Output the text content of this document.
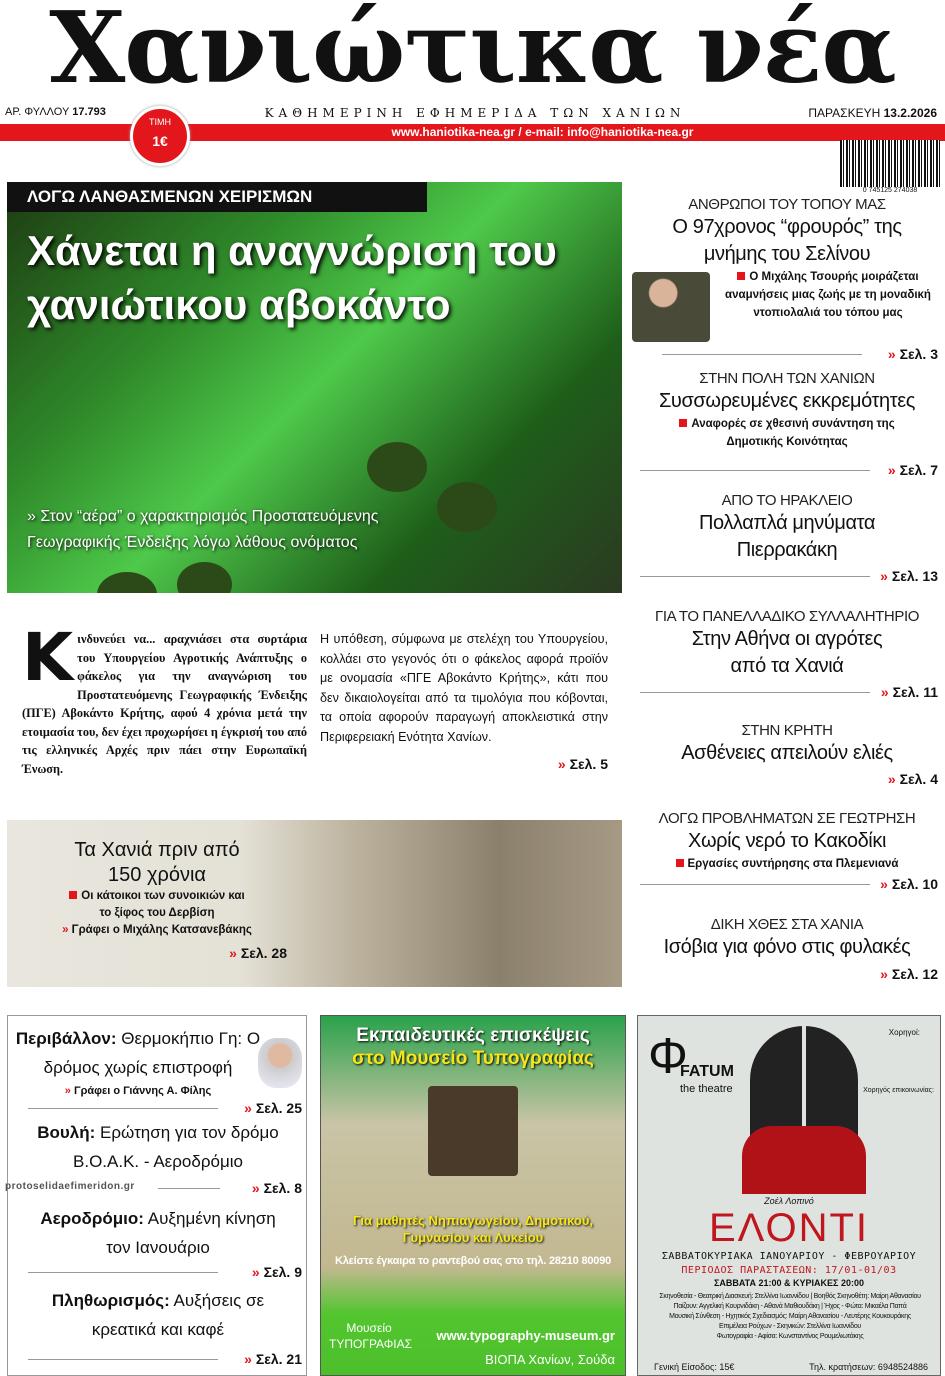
Χανιώτικα νέα
ΑΡ. ΦΥΛΛΟΥ 17.793	ΚΑΘΗΜΕΡΙΝΗ ΕΦΗΜΕΡΙΔΑ ΤΩΝ ΧΑΝΙΩΝ	ΠΑΡΑΣΚΕΥΗ 13.2.2026
www.haniotika-nea.gr / e-mail: info@haniotika-nea.gr
ΤΙΜΗ
1€
0 745125 274038
ΛΟΓΩ ΛΑΝΘΑΣΜΕΝΩΝ ΧΕΙΡΙΣΜΩΝ
Χάνεται η αναγνώριση του χανιώτικου αβοκάντο
» Στον “αέρα” ο χαρακτηρισμός Προστατευόμενης Γεωγραφικής Ένδειξης λόγω λάθους ονόματος
Κινδυνεύει να... αραχνιάσει στα συρτάρια του Υπουργείου Αγροτικής Ανάπτυξης ο φάκελος για την αναγνώριση του Προστατευόμενης Γεωγραφικής Ένδειξης (ΠΓΕ) Αβοκάντο Κρήτης, αφού 4 χρόνια μετά την ετοιμασία του, δεν έχει προχωρήσει η έγκρισή του από τις ελληνικές Αρχές πριν πάει στην Ευρωπαϊκή Ένωση.
Η υπόθεση, σύμφωνα με στελέχη του Υπουργείου, κολλάει στο γεγονός ότι ο φάκελος αφορά προϊόν με ονομασία «ΠΓΕ Αβοκάντο Κρήτης», κάτι που δεν δικαιολογείται από τα τιμολόγια που κόβονται, τα οποία αφορούν παραγωγή αποκλειστικά στην Περιφερειακή Ενότητα Χανίων.
» Σελ. 5
Τα Χανιά πριν από 150 χρόνια
Οι κάτοικοι των συνοικιών και το ξίφος του Δερβίση
» Γράφει ο Μιχάλης Κατσανεβάκης
» Σελ. 28
ΑΝΘΡΩΠΟΙ ΤΟΥ ΤΟΠΟΥ ΜΑΣ
Ο 97χρονος “φρουρός” της μνήμης του Σελίνου
Ο Μιχάλης Τσουρής μοιράζεται αναμνήσεις μιας ζωής με τη μοναδική ντοπιολαλιά του τόπου μας
» Σελ. 3
ΣΤΗΝ ΠΟΛΗ ΤΩΝ ΧΑΝΙΩΝ
Συσσωρευμένες εκκρεμότητες
Αναφορές σε χθεσινή συνάντηση της Δημοτικής Κοινότητας
» Σελ. 7
ΑΠΟ ΤΟ ΗΡΑΚΛΕΙΟ
Πολλαπλά μηνύματα Πιερρακάκη
» Σελ. 13
ΓΙΑ ΤΟ ΠΑΝΕΛΛΑΔΙΚΟ ΣΥΛΛΑΛΗΤΗΡΙΟ
Στην Αθήνα οι αγρότες από τα Χανιά
» Σελ. 11
ΣΤΗΝ ΚΡΗΤΗ
Ασθένειες απειλούν ελιές
» Σελ. 4
ΛΟΓΩ ΠΡΟΒΛΗΜΑΤΩΝ ΣΕ ΓΕΩΤΡΗΣΗ
Χωρίς νερό το Κακοδίκι
Εργασίες συντήρησης στα Πλεμενιανά
» Σελ. 10
ΔΙΚΗ ΧΘΕΣ ΣΤΑ ΧΑΝΙΑ
Ισόβια για φόνο στις φυλακές
» Σελ. 12
Περιβάλλον: Θερμοκήπιο Γη: Ο δρόμος χωρίς επιστροφή
» Γράφει ο Γιάννης Α. Φίλης
» Σελ. 25
Βουλή: Ερώτηση για τον δρόμο Β.Ο.Α.Κ. - Αεροδρόμιο
protoselidaefimeridon.gr	» Σελ. 8
Αεροδρόμιο: Αυξημένη κίνηση τον Ιανουάριο
» Σελ. 9
Πληθωρισμός: Αυξήσεις σε κρεατικά και καφέ
» Σελ. 21
Εκπαιδευτικές επισκέψεις
στο Μουσείο Τυπογραφίας
Για μαθητές Νηπιαγωγείου, Δημοτικού, Γυμνασίου και Λυκείου
Κλείστε έγκαιρα το ραντεβού σας στο τηλ. 28210 80090
Μουσείο ΤΥΠΟΓΡΑΦΙΑΣ
www.typography-museum.gr
ΒΙΟΠΑ Χανίων, Σούδα
Φ
FATUM
the theatre
Χορηγοί:
Χορηγός επικοινωνίας:
Ζοέλ Λοπινό
ΕΛΟΝΤΙ
ΣΑΒΒΑΤΟΚΥΡΙΑΚΑ ΙΑΝΟΥΑΡΙΟΥ - ΦΕΒΡΟΥΑΡΙΟΥ
ΠΕΡΙΟΔΟΣ ΠΑΡΑΣΤΑΣΕΩΝ: 17/01-01/03
ΣΑΒΒΑΤΑ 21:00 & ΚΥΡΙΑΚΕΣ 20:00
Σκηνοθεσία - Θεατρική Διασκευή: Στελλίνα Ιωαννίδου | Βοηθός Σκηνοθέτη: Μαίρη Αθανασίου
Παίζουν: Αγγελική Κουρνιδάκη - Αθανά Μαθιουδάκη | Ήχος - Φώτα: Μικαέλα Παπά
Μουσική Σύνθεση - Ηχητικός Σχεδιασμός: Μαίρη Αθανασίου - Λευτέρης Κουκουράκης
Επιμέλεια Ρούχων - Σκηνικών: Στελλίνα Ιωαννίδου
Φωτογραφία - Αφίσα: Κωνσταντίνος Ρουμελιωτάκης
Γενική Είσοδος: 15€	Τηλ. κρατήσεων: 6948524886
